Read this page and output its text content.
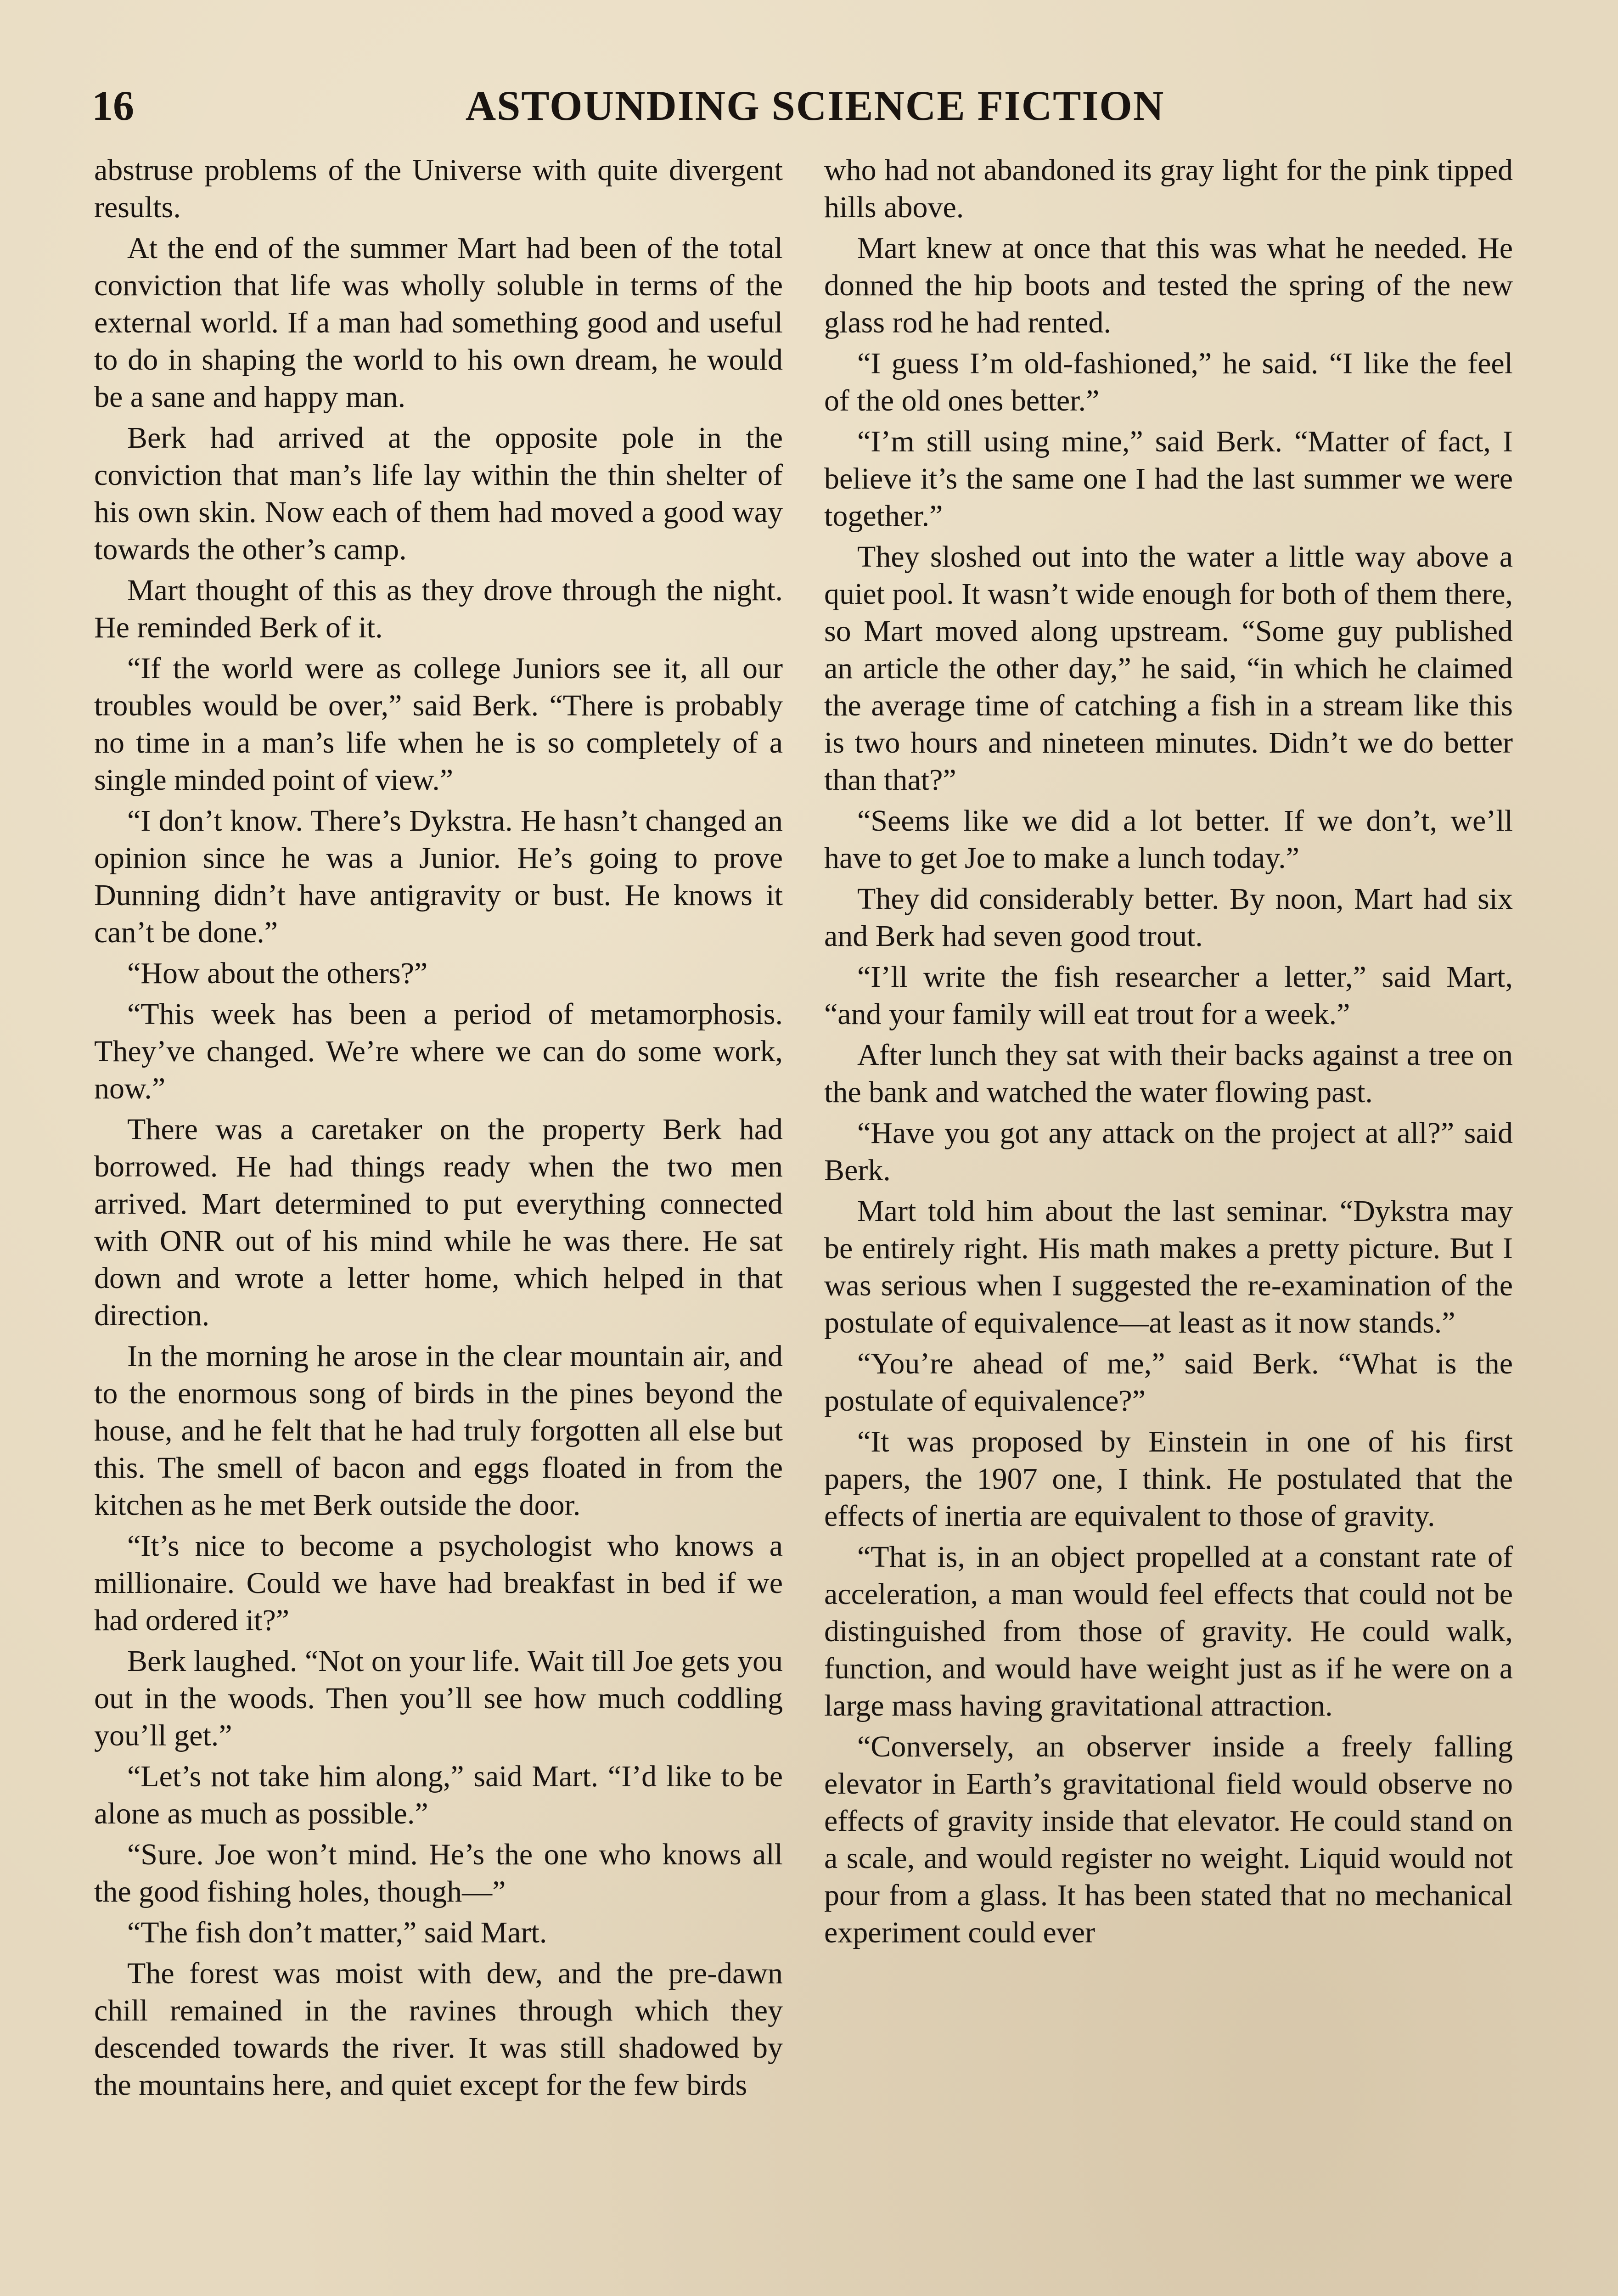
16	ASTOUNDING SCIENCE FICTION

abstruse problems of the Universe with quite divergent results.

At the end of the summer Mart had been of the total conviction that life was wholly soluble in terms of the external world. If a man had something good and useful to do in shaping the world to his own dream, he would be a sane and happy man.

Berk had arrived at the opposite pole in the conviction that man’s life lay within the thin shelter of his own skin. Now each of them had moved a good way towards the other’s camp.

Mart thought of this as they drove through the night. He reminded Berk of it.

“If the world were as college Juniors see it, all our troubles would be over,” said Berk. “There is probably no time in a man’s life when he is so completely of a single minded point of view.”

“I don’t know. There’s Dykstra. He hasn’t changed an opinion since he was a Junior. He’s going to prove Dunning didn’t have antigravity or bust. He knows it can’t be done.”

“How about the others?”

“This week has been a period of metamorphosis. They’ve changed. We’re where we can do some work, now.”

There was a caretaker on the property Berk had borrowed. He had things ready when the two men arrived. Mart determined to put everything connected with ONR out of his mind while he was there. He sat down and wrote a letter home, which helped in that direction.

In the morning he arose in the clear mountain air, and to the enormous song of birds in the pines beyond the house, and he felt that he had truly forgotten all else but this. The smell of bacon and eggs floated in from the kitchen as he met Berk outside the door.

“It’s nice to become a psychologist who knows a millionaire. Could we have had breakfast in bed if we had ordered it?”

Berk laughed. “Not on your life. Wait till Joe gets you out in the woods. Then you’ll see how much coddling you’ll get.”

“Let’s not take him along,” said Mart. “I’d like to be alone as much as possible.”

“Sure. Joe won’t mind. He’s the one who knows all the good fishing holes, though—”

“The fish don’t matter,” said Mart.

The forest was moist with dew, and the pre-dawn chill remained in the ravines through which they descended towards the river. It was still shadowed by the mountains here, and quiet except for the few birds

who had not abandoned its gray light for the pink tipped hills above.

Mart knew at once that this was what he needed. He donned the hip boots and tested the spring of the new glass rod he had rented.

“I guess I’m old-fashioned,” he said. “I like the feel of the old ones better.”

“I’m still using mine,” said Berk. “Matter of fact, I believe it’s the same one I had the last summer we were together.”

They sloshed out into the water a little way above a quiet pool. It wasn’t wide enough for both of them there, so Mart moved along upstream. “Some guy published an article the other day,” he said, “in which he claimed the average time of catching a fish in a stream like this is two hours and nineteen minutes. Didn’t we do better than that?”

“Seems like we did a lot better. If we don’t, we’ll have to get Joe to make a lunch today.”

They did considerably better. By noon, Mart had six and Berk had seven good trout.

“I’ll write the fish researcher a letter,” said Mart, “and your family will eat trout for a week.”

After lunch they sat with their backs against a tree on the bank and watched the water flowing past.

“Have you got any attack on the project at all?” said Berk.

Mart told him about the last seminar. “Dykstra may be entirely right. His math makes a pretty picture. But I was serious when I suggested the re-examination of the postulate of equivalence—at least as it now stands.”

“You’re ahead of me,” said Berk. “What is the postulate of equivalence?”

“It was proposed by Einstein in one of his first papers, the 1907 one, I think. He postulated that the effects of inertia are equivalent to those of gravity.

“That is, in an object propelled at a constant rate of acceleration, a man would feel effects that could not be distinguished from those of gravity. He could walk, function, and would have weight just as if he were on a large mass having gravitational attraction.

“Conversely, an observer inside a freely falling elevator in Earth’s gravitational field would observe no effects of gravity inside that elevator. He could stand on a scale, and would register no weight. Liquid would not pour from a glass. It has been stated that no mechanical experiment could ever
